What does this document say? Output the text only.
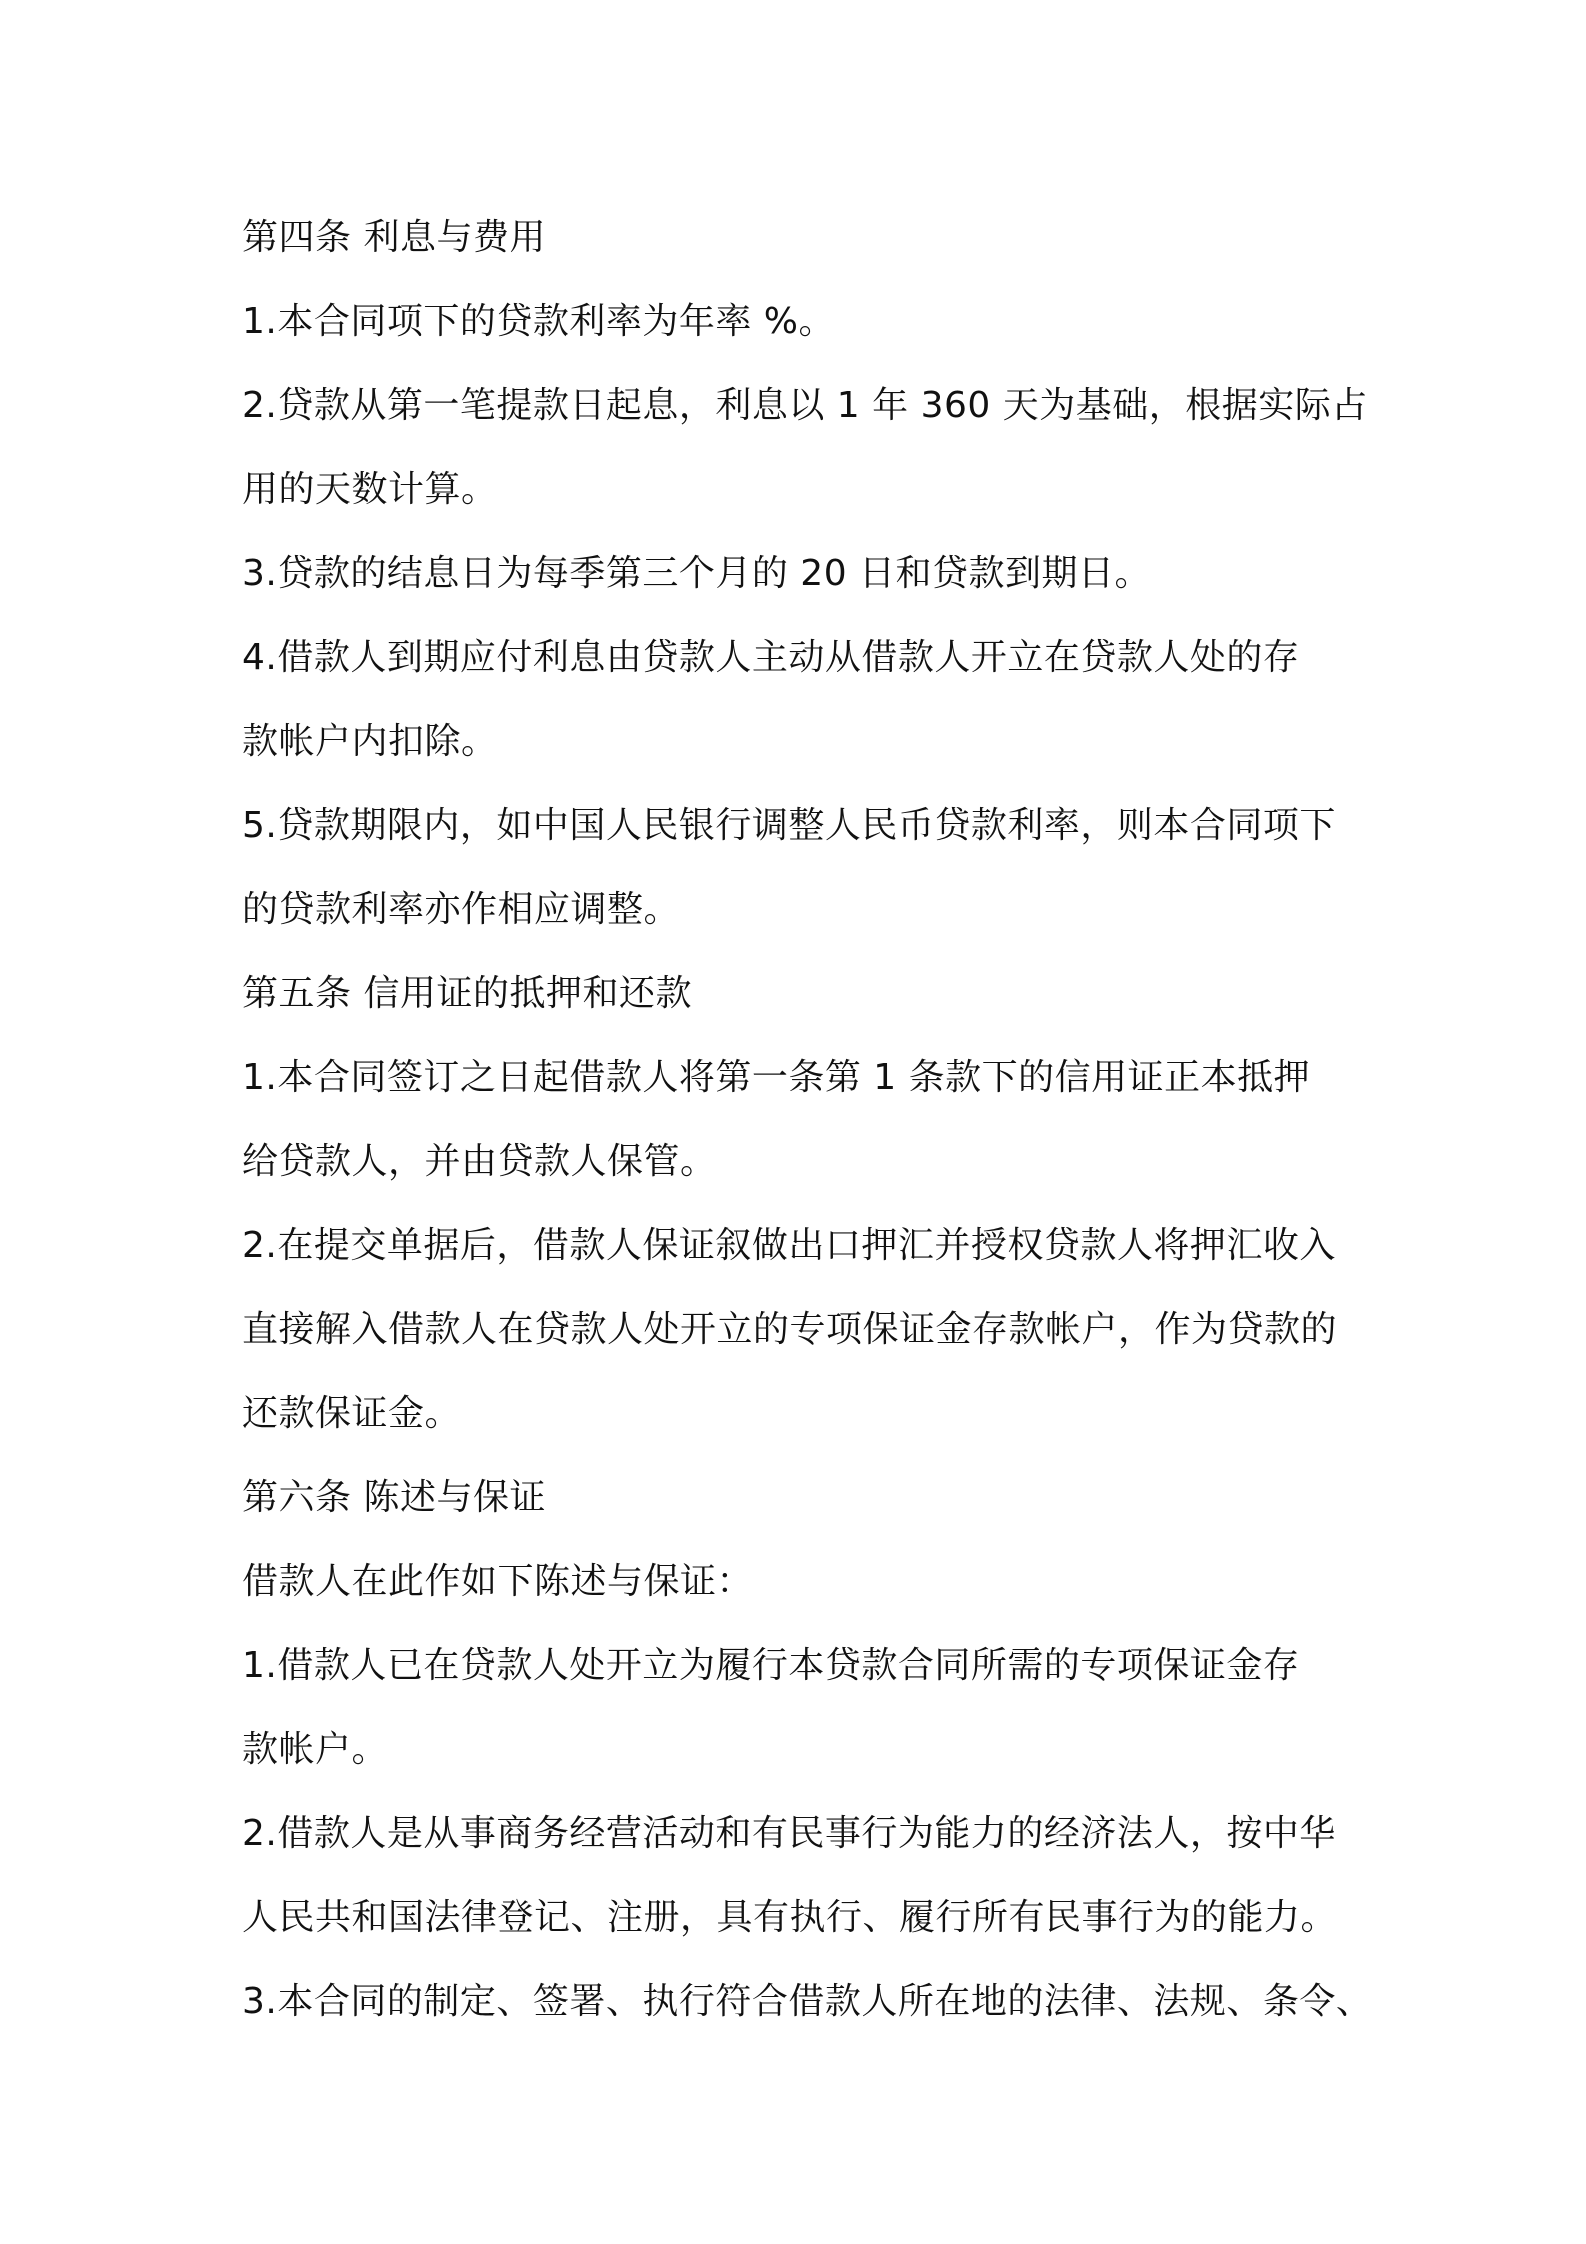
第四条 利息与费用
1.本合同项下的贷款利率为年率 %。
2.贷款从第一笔提款日起息，利息以 1 年 360 天为基础，根据实际占
用的天数计算。
3.贷款的结息日为每季第三个月的 20 日和贷款到期日。
4.借款人到期应付利息由贷款人主动从借款人开立在贷款人处的存
款帐户内扣除。
5.贷款期限内，如中国人民银行调整人民币贷款利率，则本合同项下
的贷款利率亦作相应调整。
第五条 信用证的抵押和还款
1.本合同签订之日起借款人将第一条第 1 条款下的信用证正本抵押
给贷款人，并由贷款人保管。
2.在提交单据后，借款人保证叙做出口押汇并授权贷款人将押汇收入
直接解入借款人在贷款人处开立的专项保证金存款帐户，作为贷款的
还款保证金。
第六条 陈述与保证
借款人在此作如下陈述与保证：
1.借款人已在贷款人处开立为履行本贷款合同所需的专项保证金存
款帐户。
2.借款人是从事商务经营活动和有民事行为能力的经济法人，按中华
人民共和国法律登记、注册，具有执行、履行所有民事行为的能力。
3.本合同的制定、签署、执行符合借款人所在地的法律、法规、条令、
